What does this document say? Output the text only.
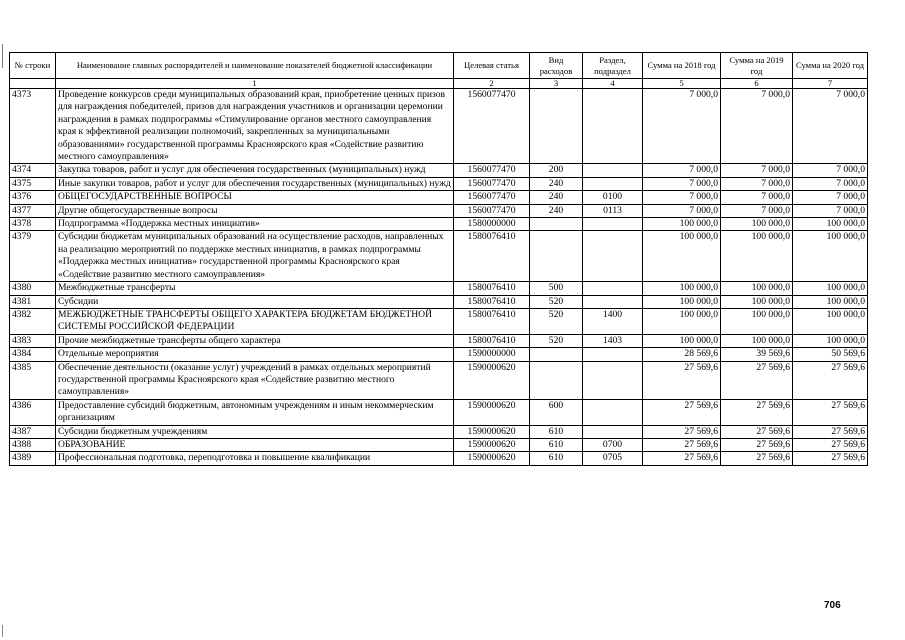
№ строки	Наименование главных распорядителей и наименование показателей бюджетной классификации	Целевая статья	Вид расходов	Раздел, подраздел	Сумма на 2018 год	Сумма на 2019 год	Сумма на 2020 год
	1	2	3	4	5	6	7
4373	Проведение конкурсов среди муниципальных образований края, приобретение ценных призов для награждения победителей, призов для награждения участников и организации церемонии награждения в рамках подпрограммы «Стимулирование органов местного самоуправления края к эффективной реализации полномочий, закрепленных за муниципальными образованиями» государственной программы Красноярского края «Содействие развитию местного самоуправления»	1560077470			7 000,0	7 000,0	7 000,0
4374	Закупка товаров, работ и услуг для обеспечения государственных (муниципальных) нужд	1560077470	200		7 000,0	7 000,0	7 000,0
4375	Иные закупки товаров, работ и услуг для обеспечения государственных (муниципальных) нужд	1560077470	240		7 000,0	7 000,0	7 000,0
4376	ОБЩЕГОСУДАРСТВЕННЫЕ ВОПРОСЫ	1560077470	240	0100	7 000,0	7 000,0	7 000,0
4377	Другие общегосударственные вопросы	1560077470	240	0113	7 000,0	7 000,0	7 000,0
4378	Подпрограмма «Поддержка местных инициатив»	1580000000			100 000,0	100 000,0	100 000,0
4379	Субсидии бюджетам муниципальных образований на осуществление расходов, направленных на реализацию мероприятий по поддержке местных инициатив, в рамках подпрограммы «Поддержка местных инициатив» государственной программы Красноярского края «Содействие развитию местного самоуправления»	1580076410			100 000,0	100 000,0	100 000,0
4380	Межбюджетные трансферты	1580076410	500		100 000,0	100 000,0	100 000,0
4381	Субсидии	1580076410	520		100 000,0	100 000,0	100 000,0
4382	МЕЖБЮДЖЕТНЫЕ ТРАНСФЕРТЫ ОБЩЕГО ХАРАКТЕРА БЮДЖЕТАМ БЮДЖЕТНОЙ СИСТЕМЫ РОССИЙСКОЙ ФЕДЕРАЦИИ	1580076410	520	1400	100 000,0	100 000,0	100 000,0
4383	Прочие межбюджетные трансферты общего характера	1580076410	520	1403	100 000,0	100 000,0	100 000,0
4384	Отдельные мероприятия	1590000000			28 569,6	39 569,6	50 569,6
4385	Обеспечение деятельности (оказание услуг) учреждений в рамках отдельных мероприятий государственной программы Красноярского края «Содействие развитию местного самоуправления»	1590000620			27 569,6	27 569,6	27 569,6
4386	Предоставление субсидий бюджетным, автономным учреждениям и иным некоммерческим организациям	1590000620	600		27 569,6	27 569,6	27 569,6
4387	Субсидии бюджетным учреждениям	1590000620	610		27 569,6	27 569,6	27 569,6
4388	ОБРАЗОВАНИЕ	1590000620	610	0700	27 569,6	27 569,6	27 569,6
4389	Профессиональная подготовка, переподготовка и повышение квалификации	1590000620	610	0705	27 569,6	27 569,6	27 569,6
706
